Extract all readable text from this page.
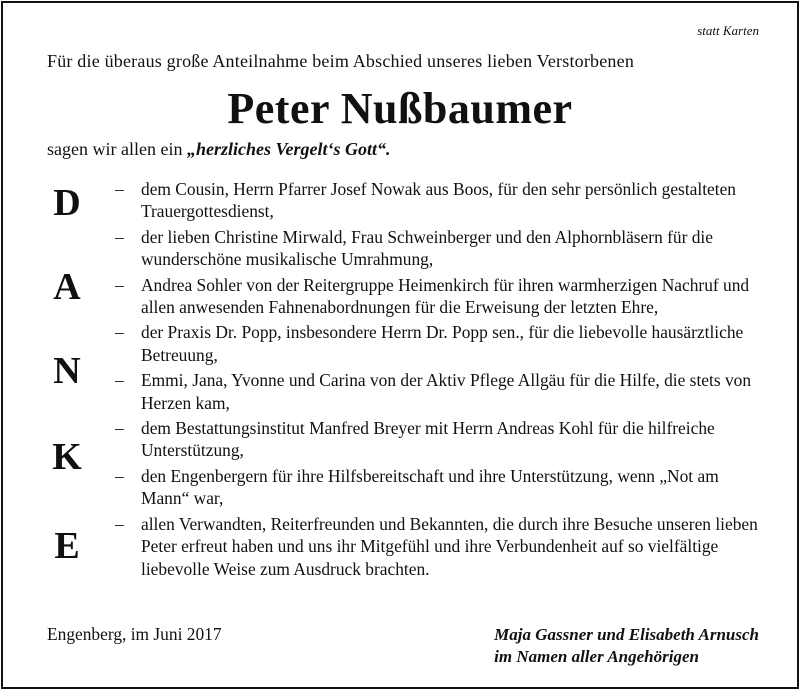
statt Karten
Für die überaus große Anteilnahme beim Abschied unseres lieben Verstorbenen
Peter Nußbaumer
sagen wir allen ein „herzliches Vergelt‘s Gott“.
D
A
N
K
E
– dem Cousin, Herrn Pfarrer Josef Nowak aus Boos, für den sehr persönlich gestalteten Trauergottesdienst,
– der lieben Christine Mirwald, Frau Schweinberger und den Alphornbläsern für die wunderschöne musikalische Umrahmung,
– Andrea Sohler von der Reitergruppe Heimenkirch für ihren warmherzigen Nachruf und allen anwesenden Fahnenabordnungen für die Erweisung der letzten Ehre,
– der Praxis Dr. Popp, insbesondere Herrn Dr. Popp sen., für die liebevolle hausärztliche Betreuung,
– Emmi, Jana, Yvonne und Carina von der Aktiv Pflege Allgäu für die Hilfe, die stets von Herzen kam,
– dem Bestattungsinstitut Manfred Breyer mit Herrn Andreas Kohl für die hilfreiche Unterstützung,
– den Engenbergern für ihre Hilfsbereitschaft und ihre Unterstützung, wenn „Not am Mann“ war,
– allen Verwandten, Reiterfreunden und Bekannten, die durch ihre Besuche unseren lieben Peter erfreut haben und uns ihr Mitgefühl und ihre Verbundenheit auf so vielfältige liebevolle Weise zum Ausdruck brachten.
Engenberg, im Juni 2017	Maja Gassner und Elisabeth Arnusch
im Namen aller Angehörigen
